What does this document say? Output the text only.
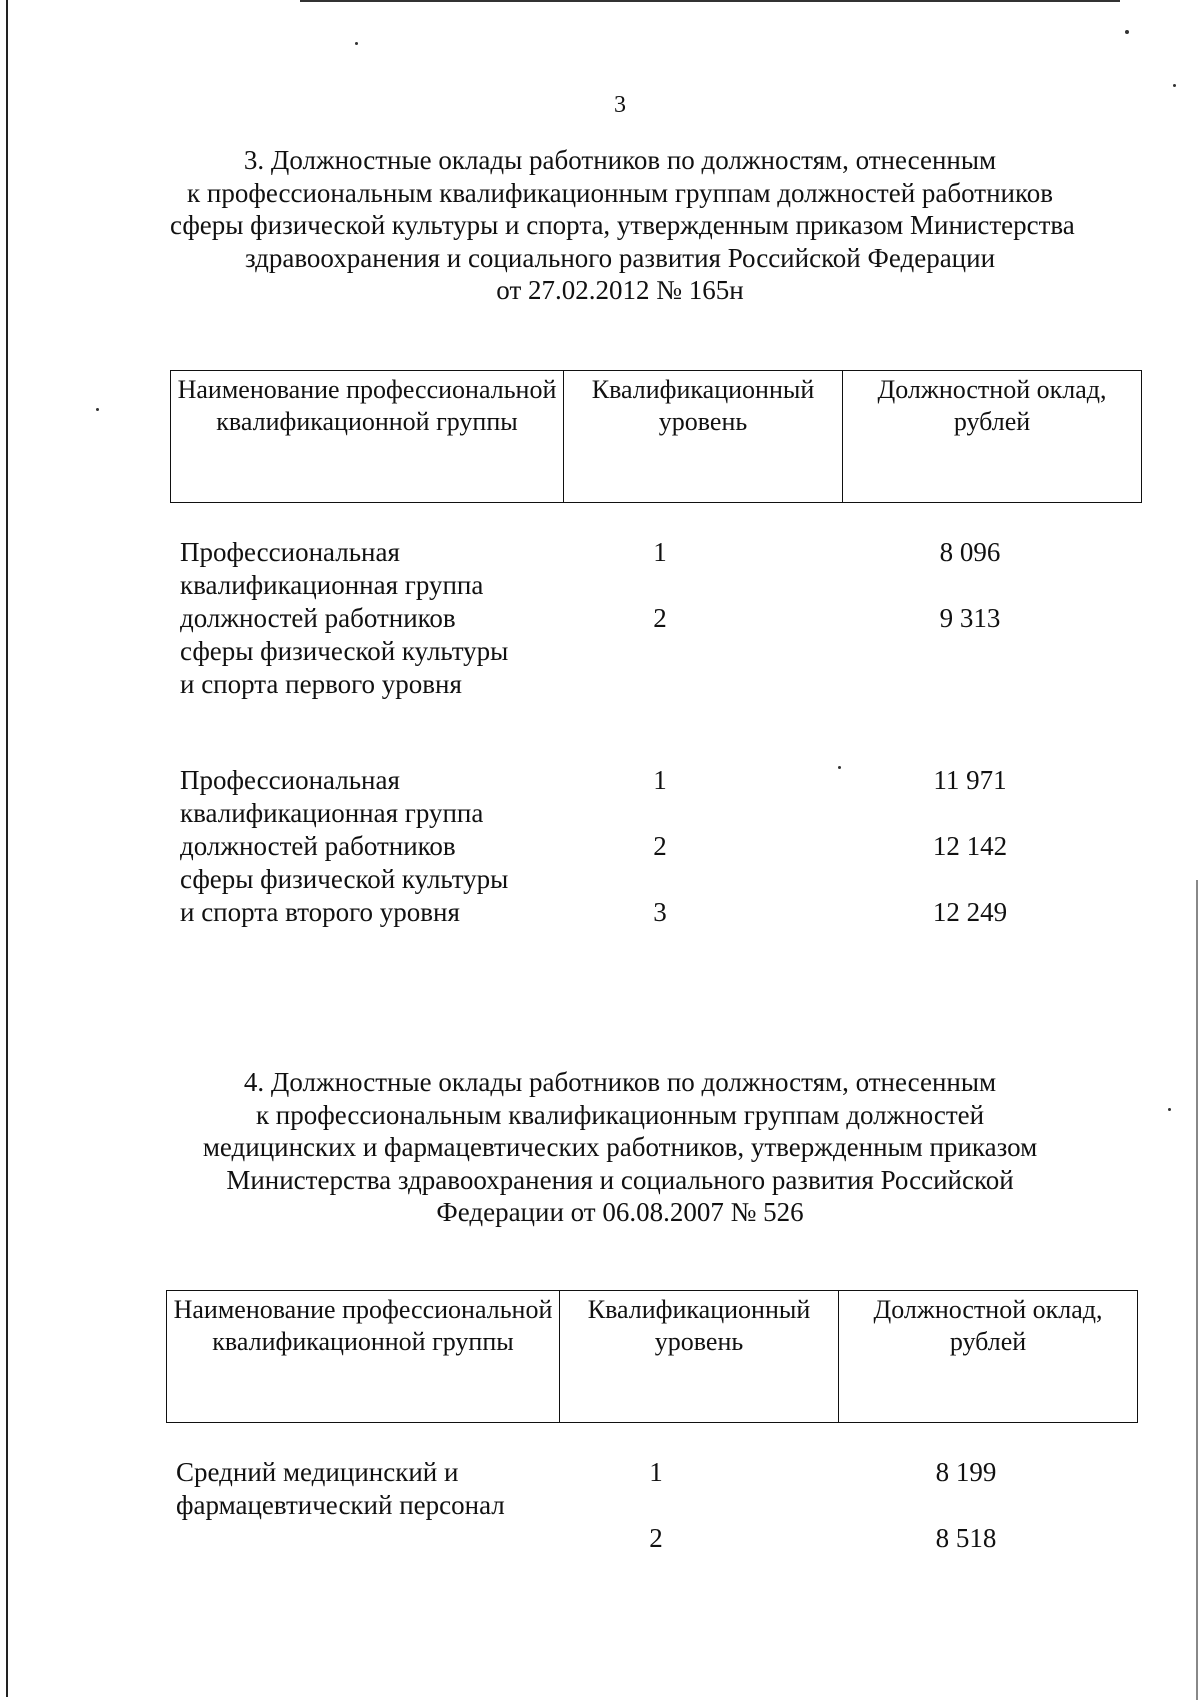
3
3. Должностные оклады работников по должностям, отнесенным
к профессиональным квалификационным группам должностей работников
сферы физической культуры и спорта, утвержденным приказом Министерства
здравоохранения и социального развития Российской Федерации
от 27.02.2012 № 165н
Наименование профессиональной квалификационной группы	Квалификационный уровень	Должностной оклад, рублей
Профессиональная
квалификационная группа
должностей работников
сферы физической культуры
и спорта первого уровня
1	8 096
2	9 313
Профессиональная
квалификационная группа
должностей работников
сферы физической культуры
и спорта второго уровня
1	11 971
2	12 142
3	12 249
4. Должностные оклады работников по должностям, отнесенным
к профессиональным квалификационным группам должностей
медицинских и фармацевтических работников, утвержденным приказом
Министерства здравоохранения и социального развития Российской
Федерации от 06.08.2007 № 526
Наименование профессиональной квалификационной группы	Квалификационный уровень	Должностной оклад, рублей
Средний медицинский и
фармацевтический персонал
1	8 199
2	8 518
